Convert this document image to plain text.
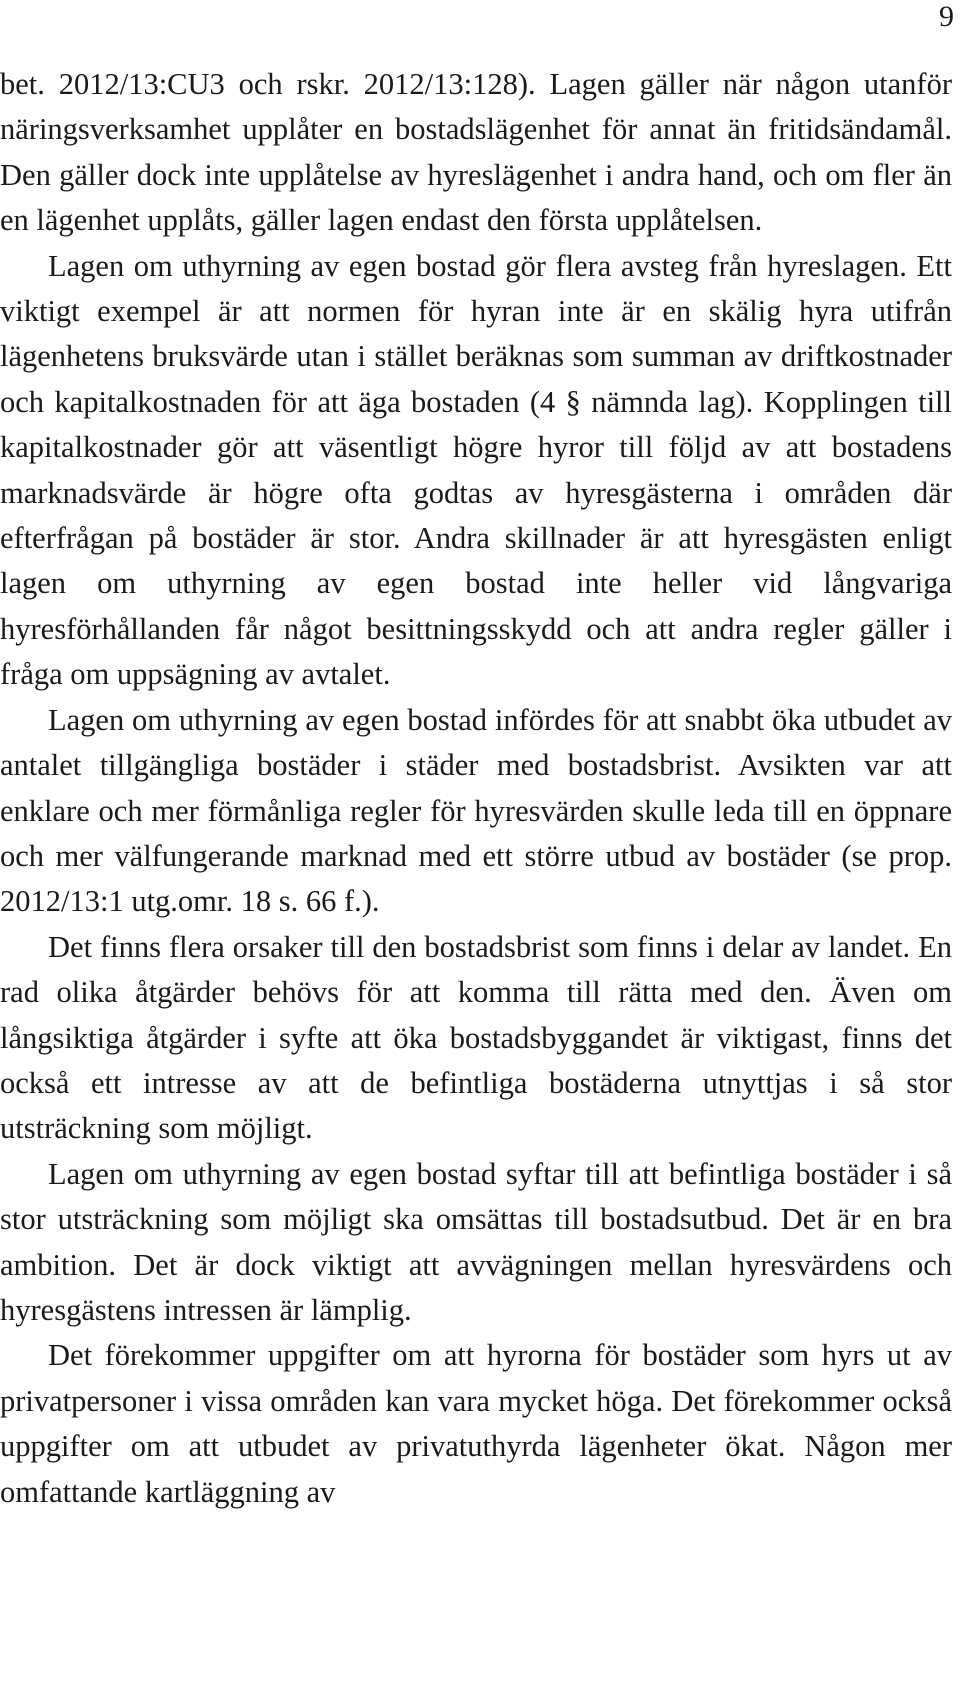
9

bet. 2012/13:CU3 och rskr. 2012/13:128). Lagen gäller när någon utanför näringsverksamhet upplåter en bostadslägenhet för annat än fritidsändamål. Den gäller dock inte upplåtelse av hyreslägenhet i andra hand, och om fler än en lägenhet upplåts, gäller lagen endast den första upplåtelsen.

Lagen om uthyrning av egen bostad gör flera avsteg från hyreslagen. Ett viktigt exempel är att normen för hyran inte är en skälig hyra utifrån lägenhetens bruksvärde utan i stället beräknas som summan av driftkostnader och kapitalkostnaden för att äga bostaden (4 § nämnda lag). Kopplingen till kapitalkostnader gör att väsentligt högre hyror till följd av att bostadens marknadsvärde är högre ofta godtas av hyresgästerna i områden där efterfrågan på bostäder är stor. Andra skillnader är att hyresgästen enligt lagen om uthyrning av egen bostad inte heller vid långvariga hyresförhållanden får något besittningsskydd och att andra regler gäller i fråga om uppsägning av avtalet.

Lagen om uthyrning av egen bostad infördes för att snabbt öka utbudet av antalet tillgängliga bostäder i städer med bostadsbrist. Avsikten var att enklare och mer förmånliga regler för hyresvärden skulle leda till en öppnare och mer välfungerande marknad med ett större utbud av bostäder (se prop. 2012/13:1 utg.omr. 18 s. 66 f.).

Det finns flera orsaker till den bostadsbrist som finns i delar av landet. En rad olika åtgärder behövs för att komma till rätta med den. Även om långsiktiga åtgärder i syfte att öka bostadsbyggandet är viktigast, finns det också ett intresse av att de befintliga bostäderna utnyttjas i så stor utsträckning som möjligt.

Lagen om uthyrning av egen bostad syftar till att befintliga bostäder i så stor utsträckning som möjligt ska omsättas till bostadsutbud. Det är en bra ambition. Det är dock viktigt att avvägningen mellan hyresvärdens och hyresgästens intressen är lämplig.

Det förekommer uppgifter om att hyrorna för bostäder som hyrs ut av privatpersoner i vissa områden kan vara mycket höga. Det förekommer också uppgifter om att utbudet av privatuthyrda lägenheter ökat. Någon mer omfattande kartläggning av
